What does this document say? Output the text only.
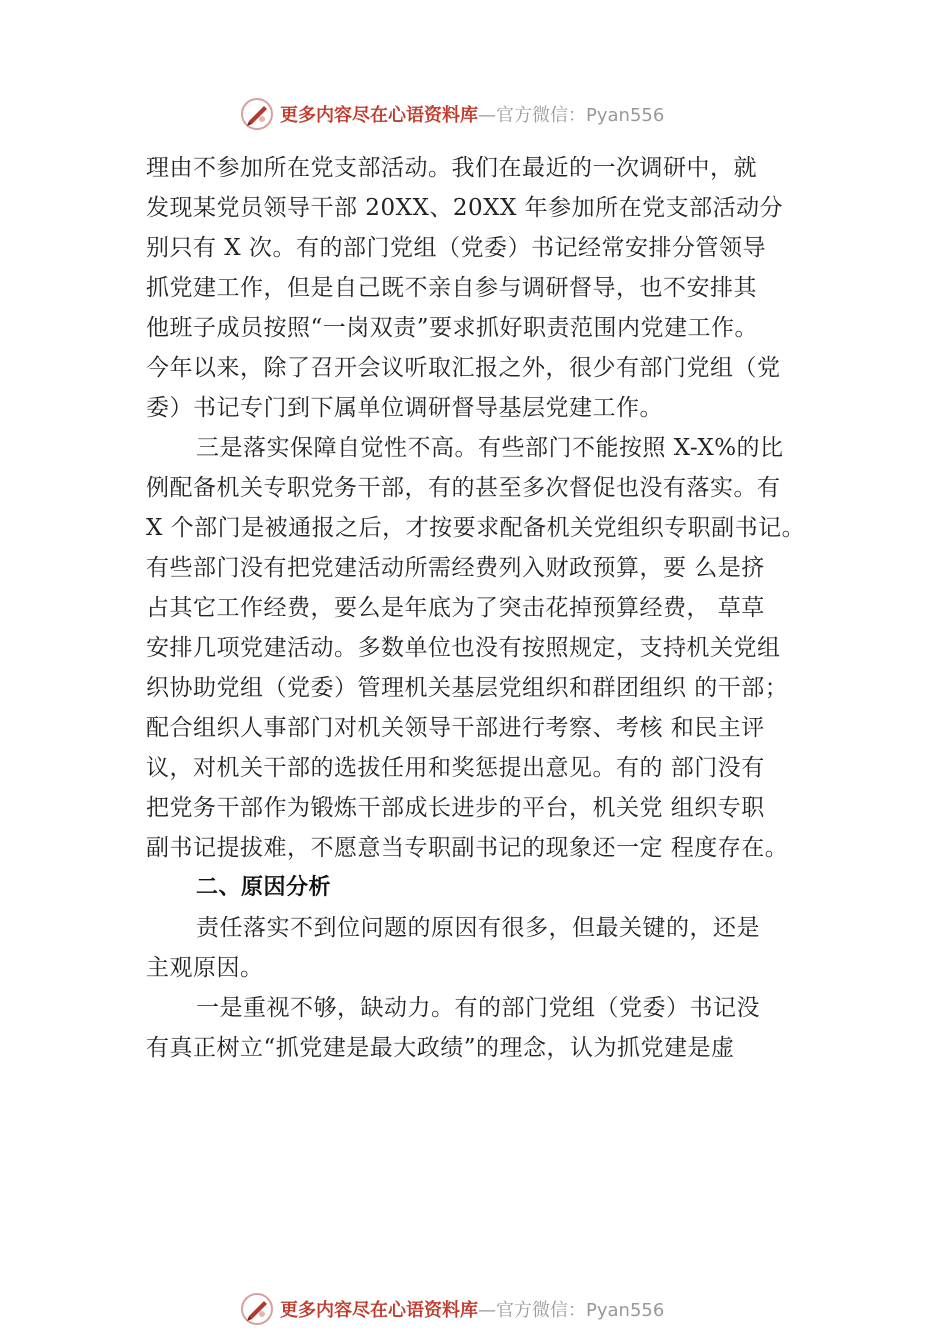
更多内容尽在心语资料库 —官方微信：Pyan556
理由不参加所在党支部活动。我们在最近的一次调研中，就
发现某党员领导干部 20XX、20XX 年参加所在党支部活动分
别只有 X 次。有的部门党组（党委）书记经常安排分管领导
抓党建工作，但是自己既不亲自参与调研督导，也不安排其
他班子成员按照“一岗双责”要求抓好职责范围内党建工作。
今年以来，除了召开会议听取汇报之外，很少有部门党组（党
委）书记专门到下属单位调研督导基层党建工作。
三是落实保障自觉性不高。有些部门不能按照 X-X%的比
例配备机关专职党务干部，有的甚至多次督促也没有落实。有
X 个部门是被通报之后，才按要求配备机关党组织专职副书记。
有些部门没有把党建活动所需经费列入财政预算，要 么是挤
占其它工作经费，要么是年底为了突击花掉预算经费， 草草
安排几项党建活动。多数单位也没有按照规定，支持机关党组
织协助党组（党委）管理机关基层党组织和群团组织 的干部；
配合组织人事部门对机关领导干部进行考察、考核 和民主评
议，对机关干部的选拔任用和奖惩提出意见。有的 部门没有
把党务干部作为锻炼干部成长进步的平台，机关党 组织专职
副书记提拔难，不愿意当专职副书记的现象还一定 程度存在。
二、原因分析
责任落实不到位问题的原因有很多，但最关键的，还是
主观原因。
一是重视不够，缺动力。有的部门党组（党委）书记没
有真正树立“抓党建是最大政绩”的理念，认为抓党建是虚
更多内容尽在心语资料库 —官方微信：Pyan556
